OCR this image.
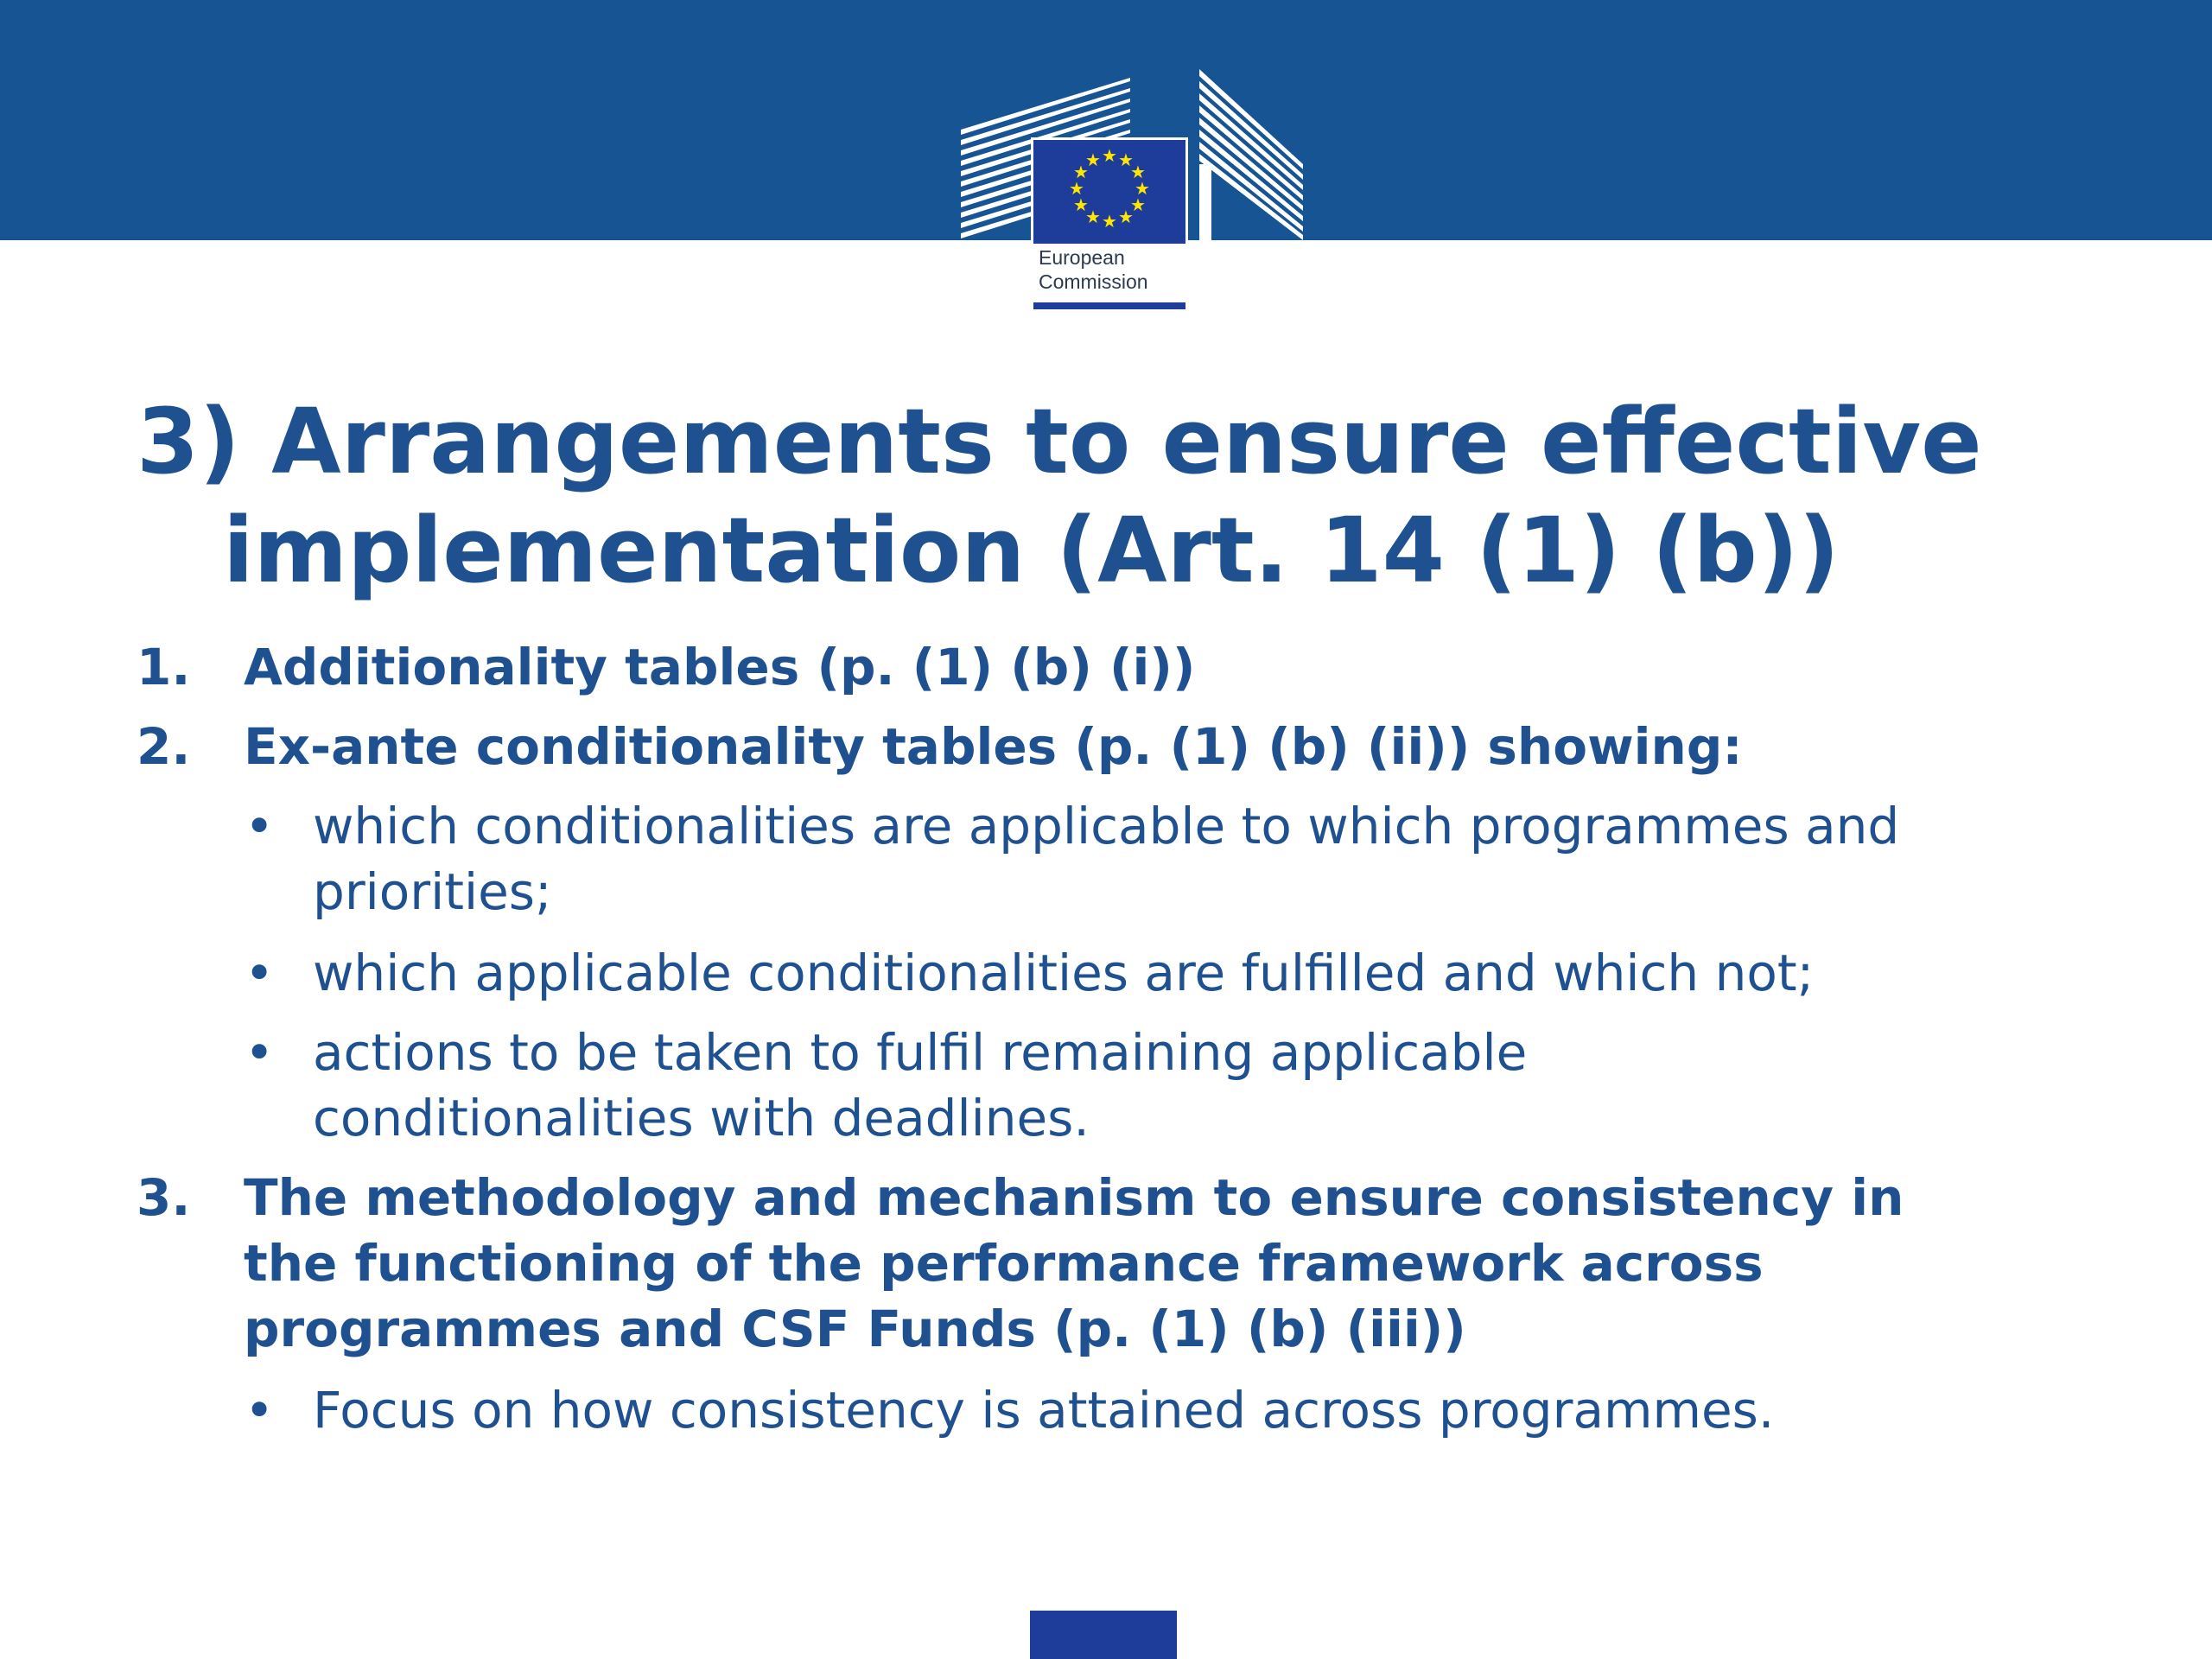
★ ★
★
★
★
★
★
★
★
★
★
★
European
Commission
3) Arrangements to ensure effective
implementation (Art. 14 (1) (b))
1. Additionality tables (p. (1) (b) (i))
2. Ex-ante conditionality tables (p. (1) (b) (ii)) showing:
• which conditionalities are applicable to which programmes and
priorities;
• which applicable conditionalities are fulfilled and which not;
• actions to be taken to fulfil remaining applicable
conditionalities with deadlines.
3. The methodology and mechanism to ensure consistency in
the functioning of the performance framework across
programmes and CSF Funds (p. (1) (b) (iii))
• Focus on how consistency is attained across programmes.
